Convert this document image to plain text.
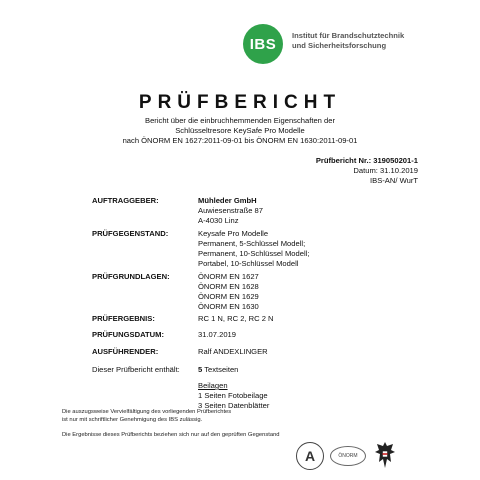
IBS Institut für Brandschutztechnik
und Sicherheitsforschung
PRÜFBERICHT
Bericht über die einbruchhemmenden Eigenschaften der
Schlüsseltresore KeySafe Pro Modelle
nach ÖNORM EN 1627:2011-09-01 bis ÖNORM EN 1630:2011-09-01
Prüfbericht Nr.: 319050201-1
Datum: 31.10.2019
IBS-AN/ WurT
AUFTRAGGEBER:	Mühleder GmbH
Auwiesenstraße 87
A-4030 Linz
PRÜFGEGENSTAND:	Keysafe Pro Modelle
Permanent, 5-Schlüssel Modell;
Permanent, 10-Schlüssel Modell;
Portabel, 10-Schlüssel Modell
PRÜFGRUNDLAGEN:	ÖNORM EN 1627
ÖNORM EN 1628
ÖNORM EN 1629
ÖNORM EN 1630
PRÜFERGEBNIS:	RC 1 N, RC 2, RC 2 N
PRÜFUNGSDATUM:	31.07.2019
AUSFÜHRENDER:	Ralf ANDEXLINGER
Dieser Prüfbericht enthält: 5 Textseiten
Beilagen
1 Seiten Fotobeilage
3 Seiten Datenblätter
Die auszugsweise Vervielfältigung des vorliegenden Prüfberichtes
ist nur mit schriftlicher Genehmigung des IBS zulässig.
Die Ergebnisse dieses Prüfberichts beziehen sich nur auf den geprüften Gegenstand
A	ÖNORM
